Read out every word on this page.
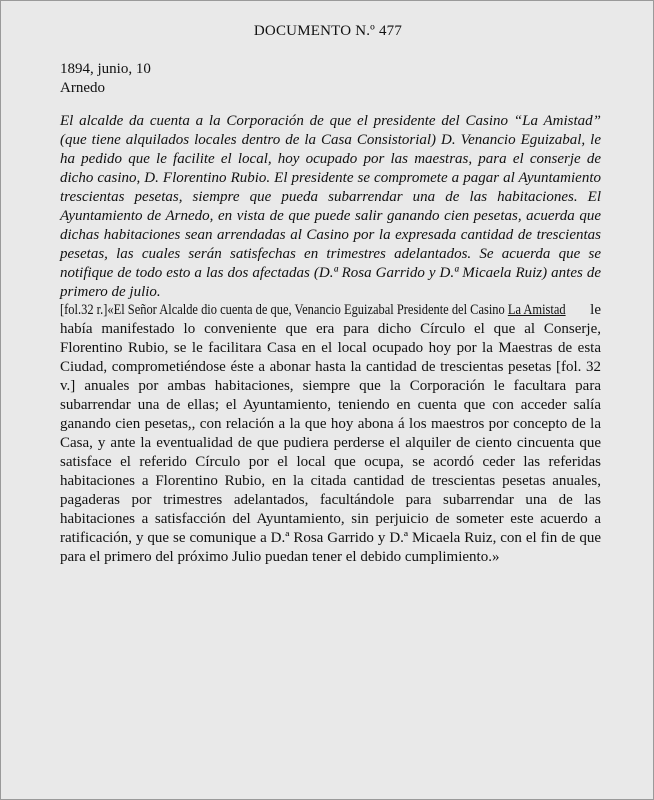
DOCUMENTO N.º 477
1894, junio, 10
Arnedo

El alcalde da cuenta a la Corporación de que el presidente del Casino “La Amistad” (que tiene alquilados locales dentro de la Casa Consistorial) D. Venancio Eguizabal, le ha pedido que le facilite el local, hoy ocupado por las maestras, para el conserje de dicho casino, D. Florentino Rubio. El presidente se compromete a pagar al Ayuntamiento trescientas pesetas, siempre que pueda subarrendar una de las habitaciones. El Ayuntamiento de Arnedo, en vista de que puede salir ganando cien pesetas, acuerda que dichas habitaciones sean arrendadas al Casino por la expresada cantidad de trescientas pesetas, las cuales serán satisfechas en trimestres adelantados. Se acuerda que se notifique de todo esto a las dos afectadas (D.ª Rosa Garrido y D.ª Micaela Ruiz) antes de primero de julio.

[fol.32 r.]«El Señor Alcalde dio cuenta de que, Venancio Eguizabal Presidente del Casino La Amistad le había manifestado lo conveniente que era para dicho Círculo el que al Conserje, Florentino Rubio, se le facilitara Casa en el local ocupado hoy por la Maestras de esta Ciudad, comprometiéndose éste a abonar hasta la cantidad de trescientas pesetas [fol. 32 v.] anuales por ambas habitaciones, siempre que la Corporación le facultara para subarrendar una de ellas; el Ayuntamiento, teniendo en cuenta que con acceder salía ganando cien pesetas,, con relación a la que hoy abona á los maestros por concepto de la Casa, y ante la eventualidad de que pudiera perderse el alquiler de ciento cincuenta que satisface el referido Círculo por el local que ocupa, se acordó ceder las referidas habitaciones a Florentino Rubio, en la citada cantidad de trescientas pesetas anuales, pagaderas por trimestres adelantados, facultándole para subarrendar una de las habitaciones a satisfacción del Ayuntamiento, sin perjuicio de someter este acuerdo a ratificación, y que se comunique a D.ª Rosa Garrido y D.ª Micaela Ruiz, con el fin de que para el primero del próximo Julio puedan tener el debido cumplimiento.»
